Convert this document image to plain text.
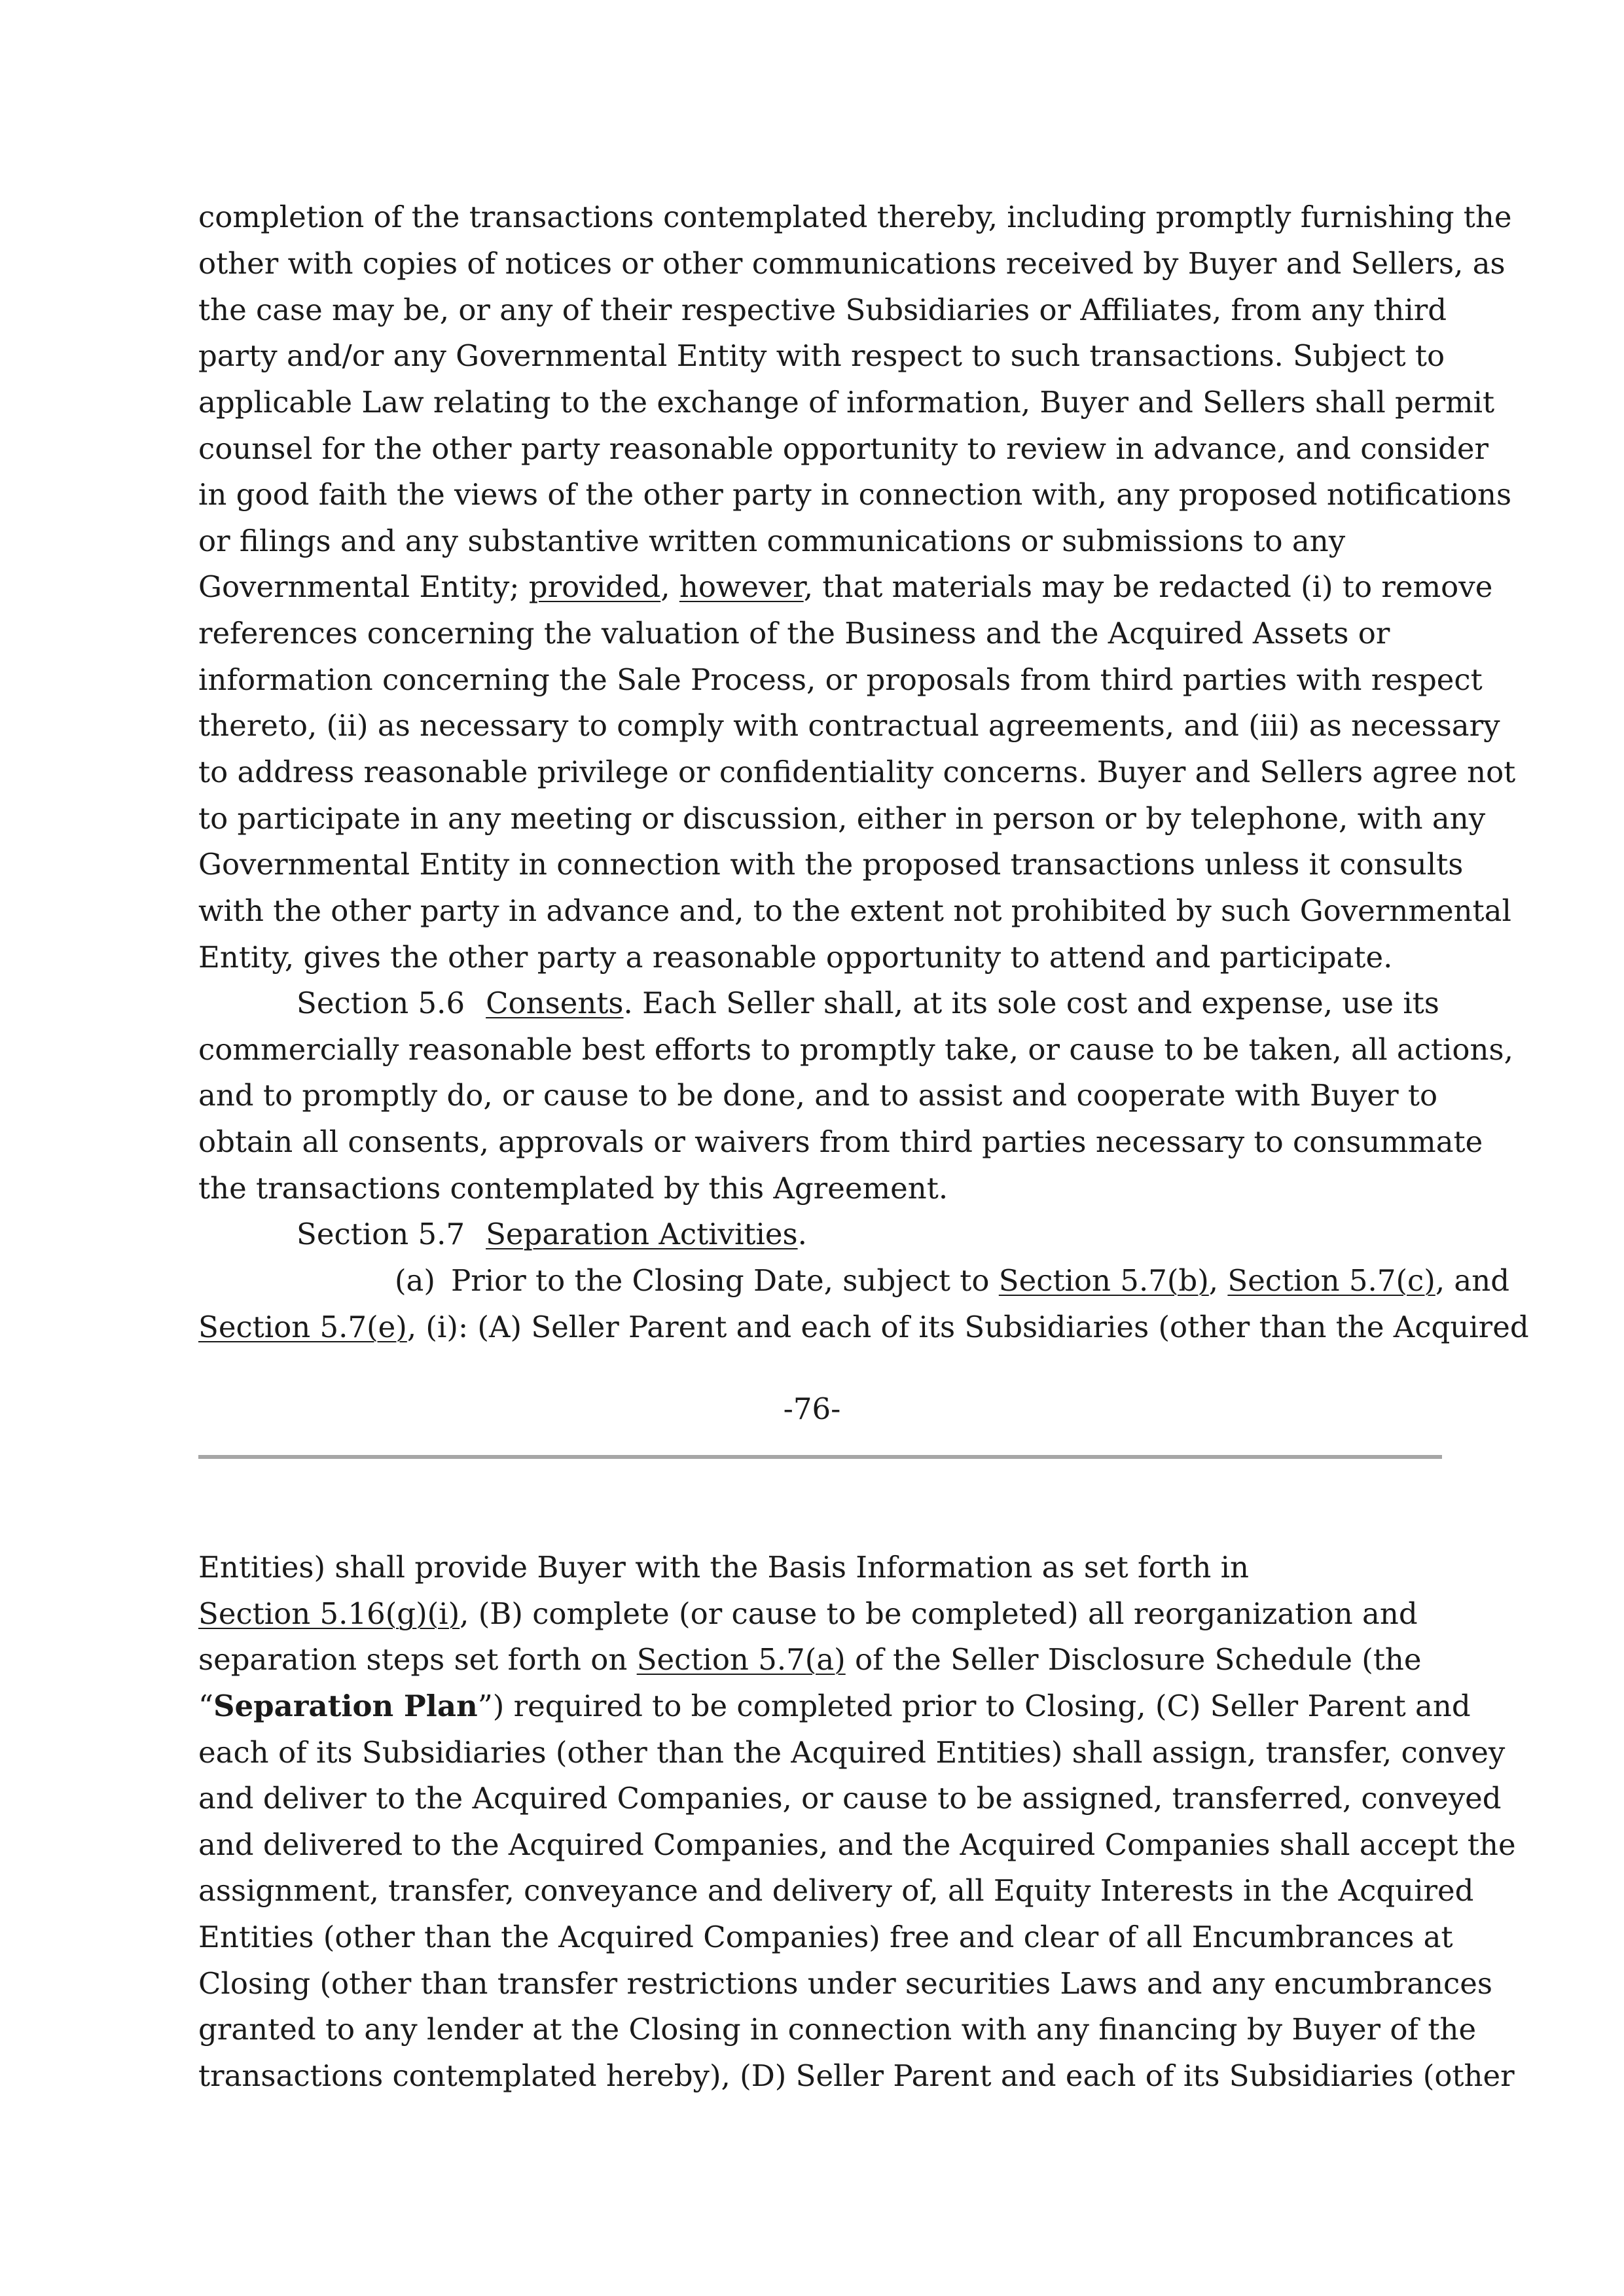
completion of the transactions contemplated thereby, including promptly furnishing the

other with copies of notices or other communications received by Buyer and Sellers, as

the case may be, or any of their respective Subsidiaries or Affiliates, from any third

party and/or any Governmental Entity with respect to such transactions. Subject to

applicable Law relating to the exchange of information, Buyer and Sellers shall permit

counsel for the other party reasonable opportunity to review in advance, and consider

in good faith the views of the other party in connection with, any proposed notifications

or filings and any substantive written communications or submissions to any

Governmental Entity; provided, however, that materials may be redacted (i) to remove

references concerning the valuation of the Business and the Acquired Assets or

information concerning the Sale Process, or proposals from third parties with respect

thereto, (ii) as necessary to comply with contractual agreements, and (iii) as necessary

to address reasonable privilege or confidentiality concerns. Buyer and Sellers agree not

to participate in any meeting or discussion, either in person or by telephone, with any

Governmental Entity in connection with the proposed transactions unless it consults

with the other party in advance and, to the extent not prohibited by such Governmental

Entity, gives the other party a reasonable opportunity to attend and participate.

Section 5.6 Consents. Each Seller shall, at its sole cost and expense, use its

commercially reasonable best efforts to promptly take, or cause to be taken, all actions,

and to promptly do, or cause to be done, and to assist and cooperate with Buyer to

obtain all consents, approvals or waivers from third parties necessary to consummate

the transactions contemplated by this Agreement.

Section 5.7 Separation Activities.

(a) Prior to the Closing Date, subject to Section 5.7(b), Section 5.7(c), and

Section 5.7(e), (i): (A) Seller Parent and each of its Subsidiaries (other than the Acquired

-76-

Entities) shall provide Buyer with the Basis Information as set forth in

Section 5.16(g)(i), (B) complete (or cause to be completed) all reorganization and

separation steps set forth on Section 5.7(a) of the Seller Disclosure Schedule (the

“Separation Plan”) required to be completed prior to Closing, (C) Seller Parent and

each of its Subsidiaries (other than the Acquired Entities) shall assign, transfer, convey

and deliver to the Acquired Companies, or cause to be assigned, transferred, conveyed

and delivered to the Acquired Companies, and the Acquired Companies shall accept the

assignment, transfer, conveyance and delivery of, all Equity Interests in the Acquired

Entities (other than the Acquired Companies) free and clear of all Encumbrances at

Closing (other than transfer restrictions under securities Laws and any encumbrances

granted to any lender at the Closing in connection with any financing by Buyer of the

transactions contemplated hereby), (D) Seller Parent and each of its Subsidiaries (other
